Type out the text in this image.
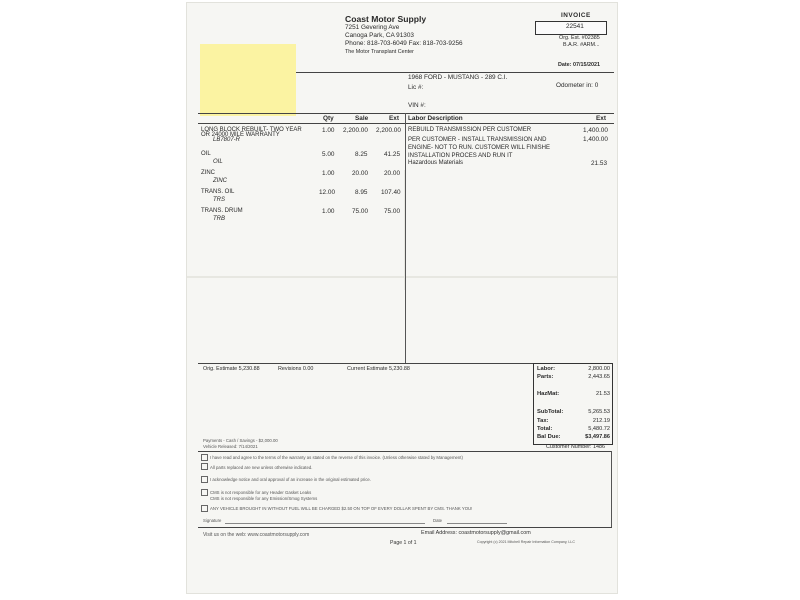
Coast Motor Supply
7251 Gevering Ave
Canoga Park, CA 91303
Phone: 818-703-6049 Fax: 818-703-9256
The Motor Transplant Center
INVOICE
22541
Org. Est. #02385
B.A.R. #ARM...
Date: 07/15/2021
1968 FORD - MUSTANG - 289 C.I.
Lic #:	Odometer in: 0
VIN #:
Qty	Sale	Ext Labor Description	Ext
LONG BLOCK REBUILT- TWO YEAR
OR 24000 MILE WARRANTY
LB7807-R
1.00 2,200.00 2,200.00
OIL
OIL
5.00	8.25	41.25
ZINC
ZINC
1.00	20.00	20.00
TRANS. OIL
TRS
12.00	8.95 107.40
TRANS. DRUM
TRB
1.00	75.00	75.00
REBUILD TRANSMISSION PER CUSTOMER	1,400.00
PER CUSTOMER - INSTALL TRANSMISSION AND
ENGINE- NOT TO RUN. CUSTOMER WILL FINISHE
INSTALLATION PROCES AND RUN IT
1,400.00
Hazardous Materials	21.53
Orig. Estimate 5,230.88	Revisions 0.00	Current Estimate 5,230.88	Labor:	2,800.00
Parts:	2,443.65
HazMat:	21.53
SubTotal:	5,265.53
Tax:	212.19
Total:	5,480.72
Bal Due:	$3,497.86
Customer Number: 1486
Payments - Cash / Savings - $2,000.00
Vehicle Released: 7/14/2021
I have read and agree to the terms of the warranty as stated on the reverse of this invoice. (Unless otherwise stated by Management)
All parts replaced are new unless otherwise indicated.
I acknowledge notice and oral approval of an increase in the original estimated price.
CMS is not responsible for any Header Gasket Leaks
CMS is not responsible for any Emission/Smog Systems
ANY VEHICLE BROUGHT IN WITHOUT FUEL WILL BE CHARGED $2.50 ON TOP OF EVERY DOLLAR SPENT BY CMS. THANK YOU!
Signature	Date
Visit us on the web: www.coastmotorsupply.com	Email Address: coastmotorsupply@gmail.com
Page 1 of 1	Copyright (c) 2021 Mitchell Repair Information Company, LLC
